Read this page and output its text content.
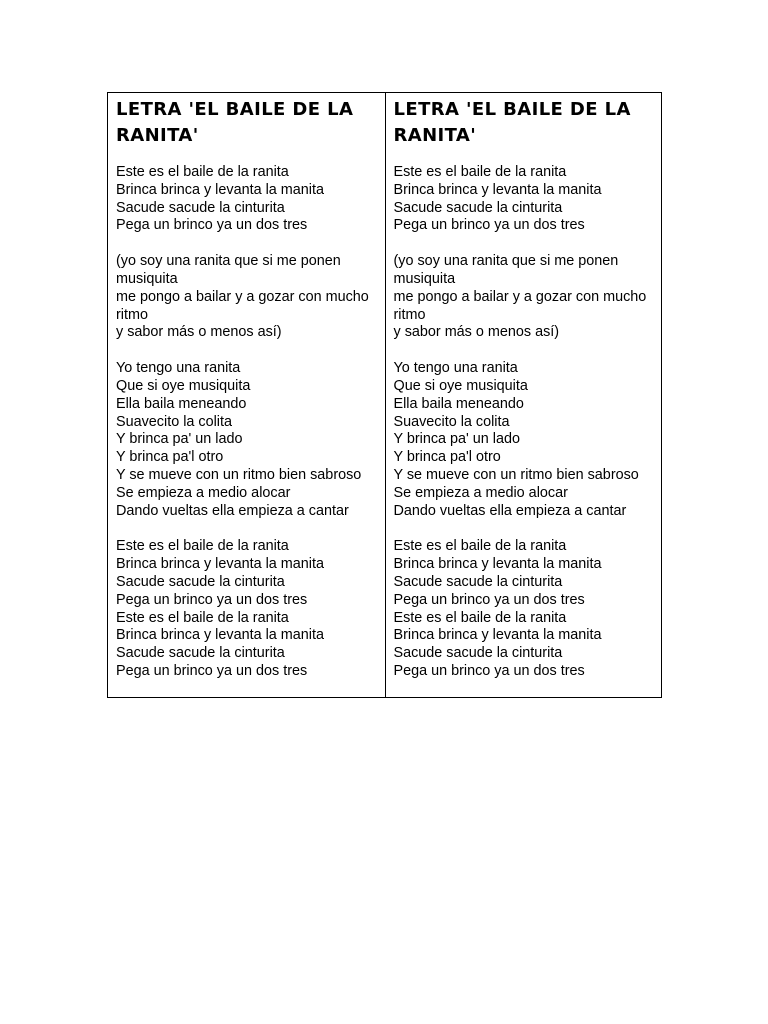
LETRA 'EL BAILE DE LA RANITA'
Este es el baile de la ranita
Brinca brinca y levanta la manita
Sacude sacude la cinturita
Pega un brinco ya un dos tres
(yo soy una ranita que si me ponen musiquita
me pongo a bailar y a gozar con mucho ritmo
y sabor más o menos así)
Yo tengo una ranita
Que si oye musiquita
Ella baila meneando
Suavecito la colita
Y brinca pa' un lado
Y brinca pa'l otro
Y se mueve con un ritmo bien sabroso
Se empieza a medio alocar
Dando vueltas ella empieza a cantar
Este es el baile de la ranita
Brinca brinca y levanta la manita
Sacude sacude la cinturita
Pega un brinco ya un dos tres
Este es el baile de la ranita
Brinca brinca y levanta la manita
Sacude sacude la cinturita
Pega un brinco ya un dos tres
LETRA 'EL BAILE DE LA RANITA'
Este es el baile de la ranita
Brinca brinca y levanta la manita
Sacude sacude la cinturita
Pega un brinco ya un dos tres
(yo soy una ranita que si me ponen musiquita
me pongo a bailar y a gozar con mucho ritmo
y sabor más o menos así)
Yo tengo una ranita
Que si oye musiquita
Ella baila meneando
Suavecito la colita
Y brinca pa' un lado
Y brinca pa'l otro
Y se mueve con un ritmo bien sabroso
Se empieza a medio alocar
Dando vueltas ella empieza a cantar
Este es el baile de la ranita
Brinca brinca y levanta la manita
Sacude sacude la cinturita
Pega un brinco ya un dos tres
Este es el baile de la ranita
Brinca brinca y levanta la manita
Sacude sacude la cinturita
Pega un brinco ya un dos tres
